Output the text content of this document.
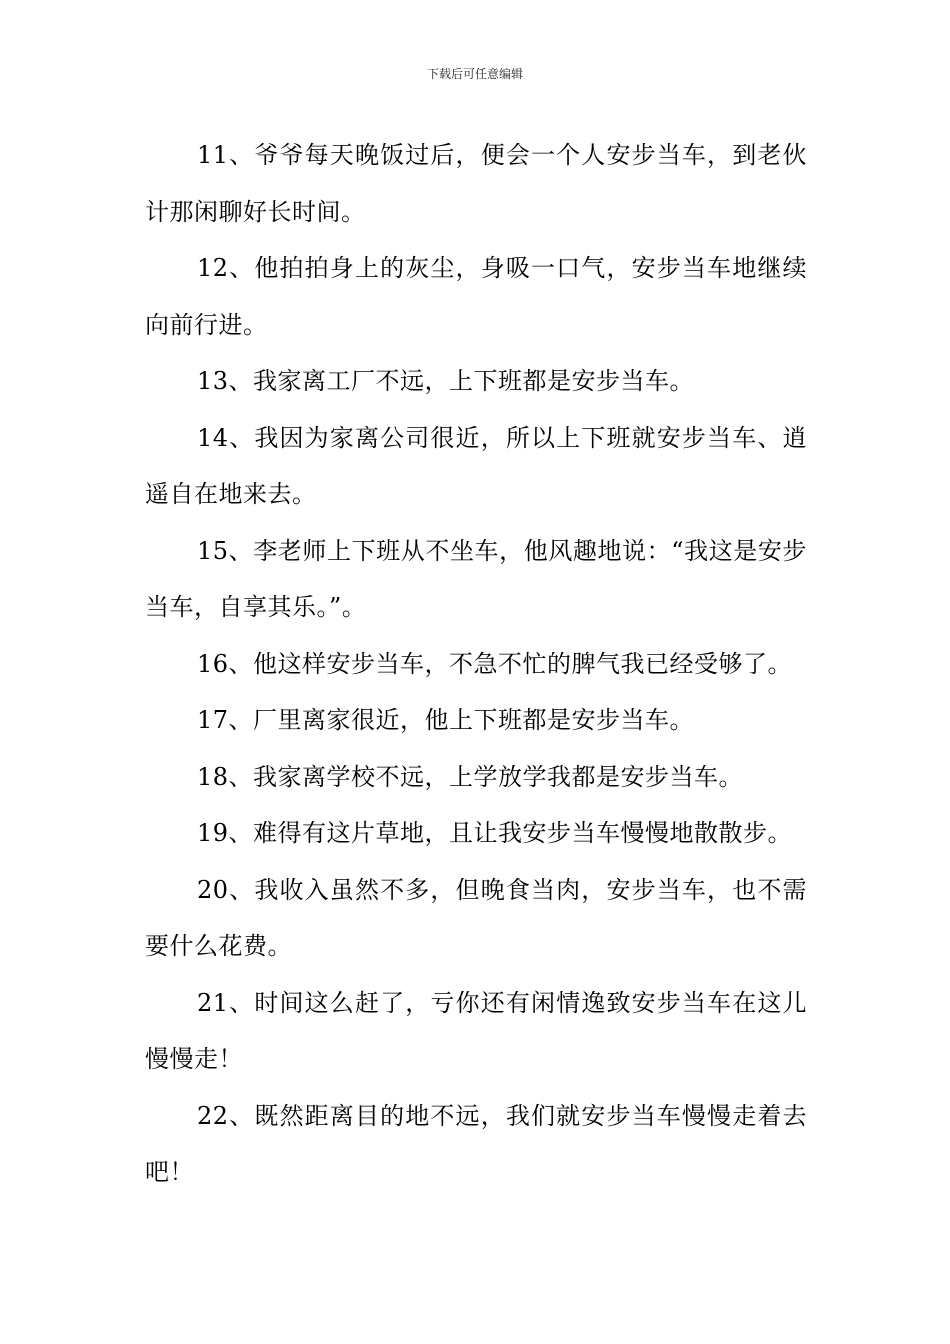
下载后可任意编辑

11、爷爷每天晚饭过后，便会一个人安步当车，到老伙计那闲聊好长时间。

12、他拍拍身上的灰尘，身吸一口气，安步当车地继续向前行进。

13、我家离工厂不远，上下班都是安步当车。

14、我因为家离公司很近，所以上下班就安步当车、逍遥自在地来去。

15、李老师上下班从不坐车，他风趣地说：“我这是安步当车，自享其乐。”。

16、他这样安步当车，不急不忙的脾气我已经受够了。

17、厂里离家很近，他上下班都是安步当车。

18、我家离学校不远，上学放学我都是安步当车。

19、难得有这片草地，且让我安步当车慢慢地散散步。

20、我收入虽然不多，但晚食当肉，安步当车，也不需要什么花费。

21、时间这么赶了，亏你还有闲情逸致安步当车在这儿慢慢走！

22、既然距离目的地不远，我们就安步当车慢慢走着去吧！
